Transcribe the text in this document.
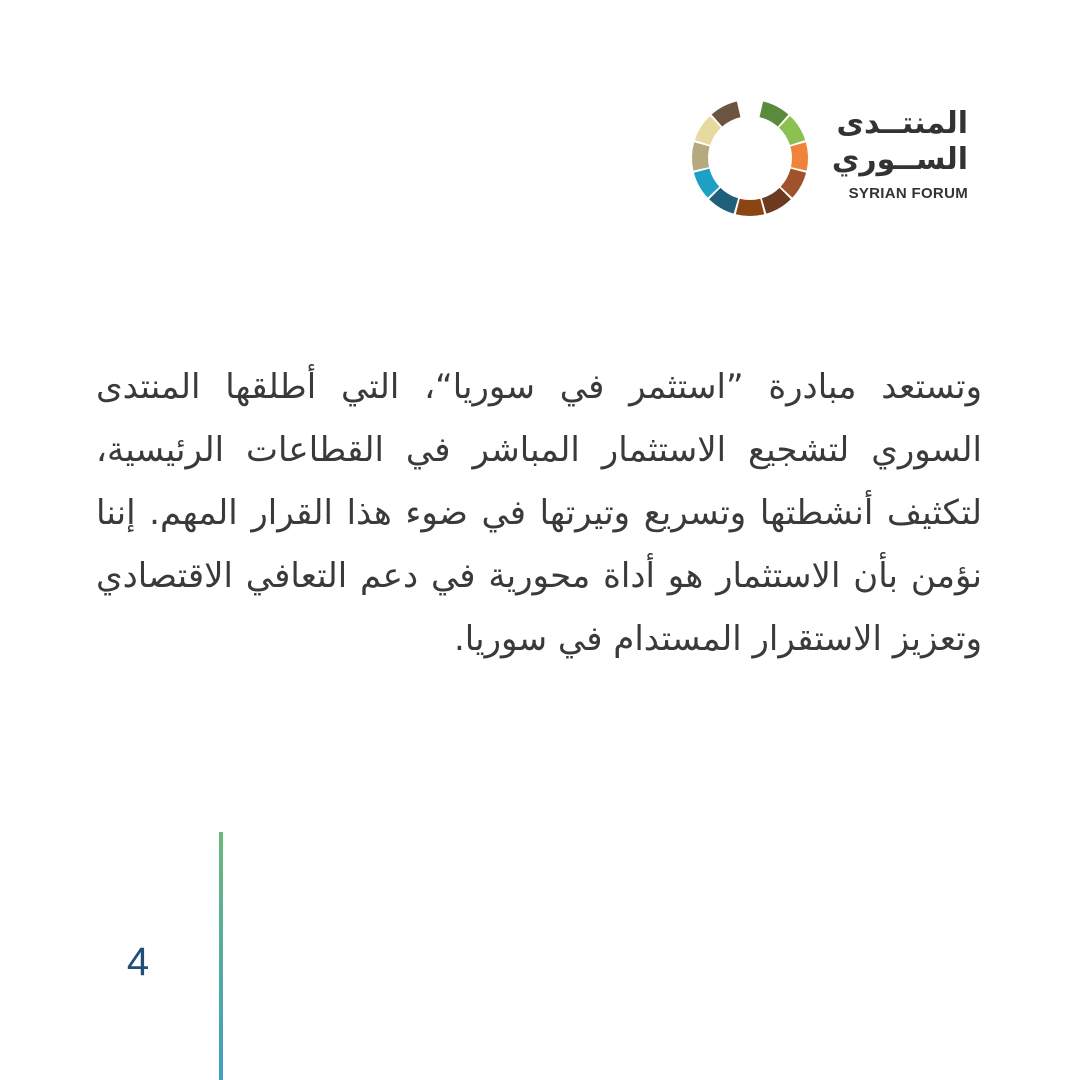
المنتــدى
الســوري
SYRIAN FORUM

وتستعد مبادرة ”استثمر في سوريا“، التي أطلقها المنتدى السوري لتشجيع الاستثمار المباشر في القطاعات الرئيسية، لتكثيف أنشطتها وتسريع وتيرتها في ضوء هذا القرار المهم. إننا نؤمن بأن الاستثمار هو أداة محورية في دعم التعافي الاقتصادي وتعزيز الاستقرار المستدام في سوريا.

4
